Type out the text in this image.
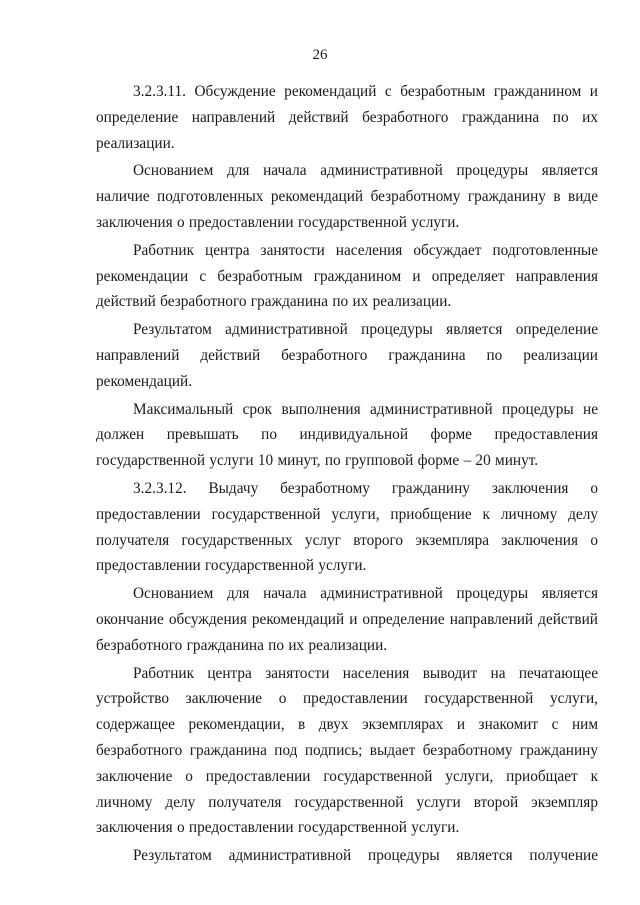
26

3.2.3.11. Обсуждение рекомендаций с безработным гражданином и определение направлений действий безработного гражданина по их реализации.

Основанием для начала административной процедуры является наличие подготовленных рекомендаций безработному гражданину в виде заключения о предоставлении государственной услуги.

Работник центра занятости населения обсуждает подготовленные рекомендации с безработным гражданином и определяет направления действий безработного гражданина по их реализации.

Результатом административной процедуры является определение направлений действий безработного гражданина по реализации рекомендаций.

Максимальный срок выполнения административной процедуры не должен превышать по индивидуальной форме предоставления государственной услуги 10 минут, по групповой форме – 20 минут.

3.2.3.12. Выдачу безработному гражданину заключения о предоставлении государственной услуги, приобщение к личному делу получателя государственных услуг второго экземпляра заключения о предоставлении государственной услуги.

Основанием для начала административной процедуры является окончание обсуждения рекомендаций и определение направлений действий безработного гражданина по их реализации.

Работник центра занятости населения выводит на печатающее устройство заключение о предоставлении государственной услуги, содержащее рекомендации, в двух экземплярах и знакомит с ним безработного гражданина под подпись; выдает безработному гражданину заключение о предоставлении государственной услуги, приобщает к личному делу получателя государственной услуги второй экземпляр заключения о предоставлении государственной услуги.

Результатом административной процедуры является получение
